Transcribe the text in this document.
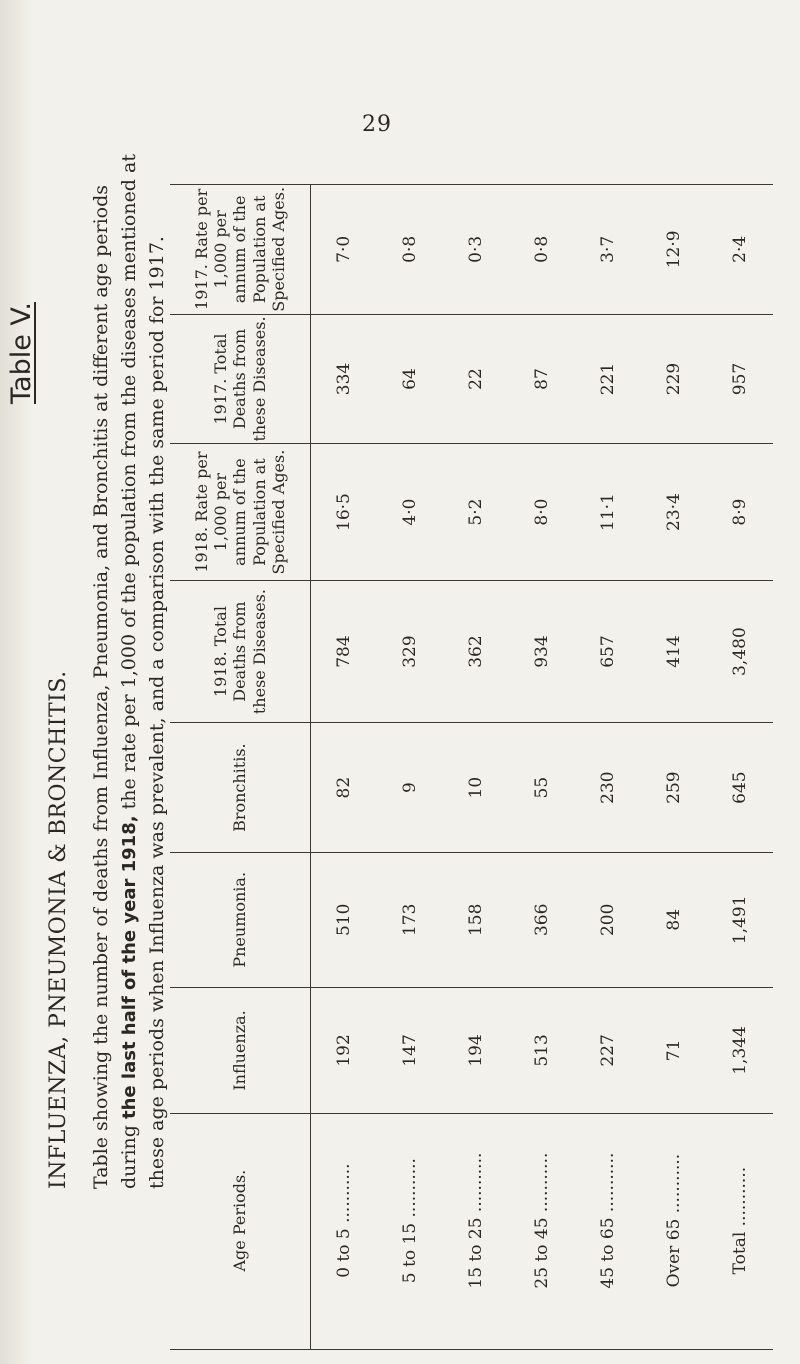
29
Table V.
INFLUENZA, PNEUMONIA & BRONCHITIS. Table showing the number of deaths from Influenza, Pneumonia, and Bronchitis at different age periods during the last half of the year 1918, the rate per 1,000 of the population from the diseases mentioned at these age periods when Influenza was prevalent, and a comparison with the same period for 1917.
Age Periods.	Influenza.	Pneumonia.	Bronchitis.	1918. Total Deaths from these Diseases.	1918. Rate per 1,000 per annum of the Population at Specified Ages.	1917. Total Deaths from these Diseases.	1917. Rate per 1,000 per annum of the Population at Specified Ages.
0 to 5 ...........	192	510	82	784	16·5	334	7·0
5 to 15 ...........	147	173	9	329	4·0	64	0·8
15 to 25 ...........	194	158	10	362	5·2	22	0·3
25 to 45 ...........	513	366	55	934	8·0	87	0·8
45 to 65 ...........	227	200	230	657	11·1	221	3·7
Over 65 ...........	71	84	259	414	23·4	229	12·9
Total ...........	1,344	1,491	645	3,480	8·9	957	2·4
